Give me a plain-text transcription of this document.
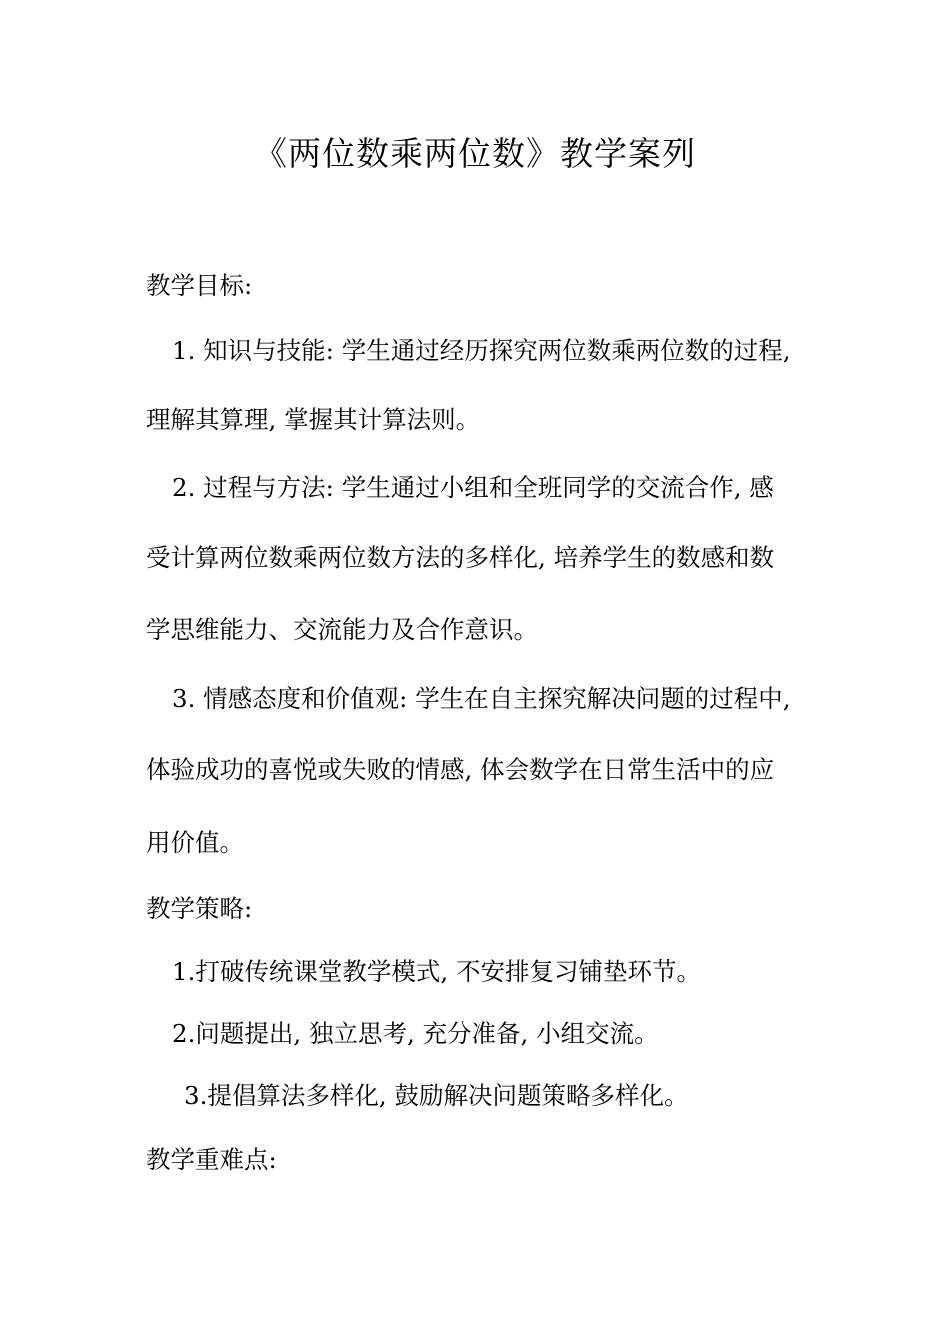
《两位数乘两位数》教学案列
教学目标:
1. 知识与技能: 学生通过经历探究两位数乘两位数的过程,
理解其算理, 掌握其计算法则。
2. 过程与方法: 学生通过小组和全班同学的交流合作, 感
受计算两位数乘两位数方法的多样化, 培养学生的数感和数
学思维能力、交流能力及合作意识。
3. 情感态度和价值观: 学生在自主探究解决问题的过程中,
体验成功的喜悦或失败的情感, 体会数学在日常生活中的应
用价值。
教学策略:
1.打破传统课堂教学模式, 不安排复习铺垫环节。
2.问题提出, 独立思考, 充分准备, 小组交流。
3.提倡算法多样化, 鼓励解决问题策略多样化。
教学重难点:
